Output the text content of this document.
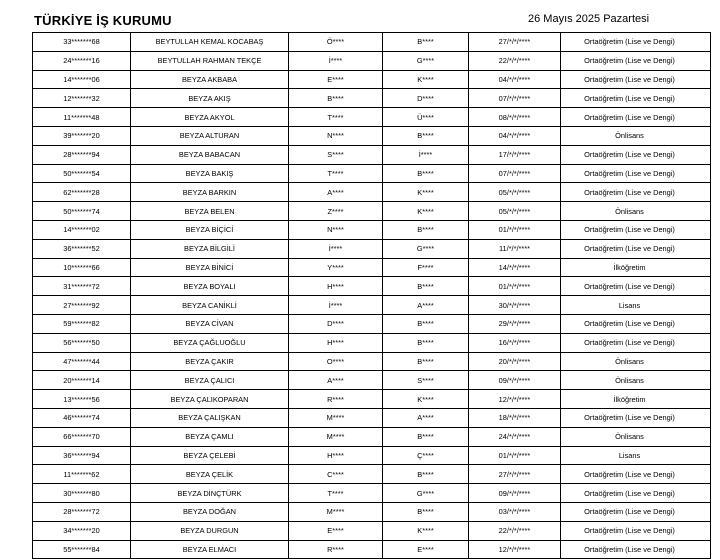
TÜRKİYE İŞ KURUMU	26 Mayıs 2025 Pazartesi
33*******68	BEYTULLAH KEMAL KOCABAŞ	Ö****	B****	27/*/*/****	Ortaöğretim (Lise ve Dengi)
24*******16	BEYTULLAH RAHMAN TEKÇE	İ****	G****	22/*/*/****	Ortaöğretim (Lise ve Dengi)
14*******06	BEYZA AKBABA	E****	K****	04/*/*/****	Ortaöğretim (Lise ve Dengi)
12*******32	BEYZA AKIŞ	B****	D****	07/*/*/****	Ortaöğretim (Lise ve Dengi)
11*******48	BEYZA AKYOL	T****	Ü****	08/*/*/****	Ortaöğretim (Lise ve Dengi)
39*******20	BEYZA ALTURAN	N****	B****	04/*/*/****	Önlisans
28*******94	BEYZA BABACAN	S****	İ****	17/*/*/****	Ortaöğretim (Lise ve Dengi)
50*******54	BEYZA BAKIŞ	T****	B****	07/*/*/****	Ortaöğretim (Lise ve Dengi)
62*******28	BEYZA BARKIN	A****	K****	05/*/*/****	Ortaöğretim (Lise ve Dengi)
50*******74	BEYZA BELEN	Z****	K****	05/*/*/****	Önlisans
14*******02	BEYZA BİÇİCİ	N****	B****	01/*/*/****	Ortaöğretim (Lise ve Dengi)
36*******52	BEYZA BİLGİLİ	İ****	G****	11/*/*/****	Ortaöğretim (Lise ve Dengi)
10*******66	BEYZA BİNİCİ	Y****	F****	14/*/*/****	İlköğretim
31*******72	BEYZA BOYALI	H****	B****	01/*/*/****	Ortaöğretim (Lise ve Dengi)
27*******92	BEYZA CANİKLİ	İ****	A****	30/*/*/****	Lisans
59*******82	BEYZA CİVAN	D****	B****	29/*/*/****	Ortaöğretim (Lise ve Dengi)
56*******50	BEYZA ÇAĞLUOĞLU	H****	B****	16/*/*/****	Ortaöğretim (Lise ve Dengi)
47*******44	BEYZA ÇAKIR	O****	B****	20/*/*/****	Önlisans
20*******14	BEYZA ÇALICI	A****	S****	09/*/*/****	Önlisans
13*******56	BEYZA ÇALIKOPARAN	R****	K****	12/*/*/****	İlköğretim
46*******74	BEYZA ÇALIŞKAN	M****	A****	18/*/*/****	Ortaöğretim (Lise ve Dengi)
66*******70	BEYZA ÇAMLI	M****	B****	24/*/*/****	Önlisans
36*******94	BEYZA ÇELEBİ	H****	Ç****	01/*/*/****	Lisans
11*******62	BEYZA ÇELİK	C****	B****	27/*/*/****	Ortaöğretim (Lise ve Dengi)
30*******80	BEYZA DİNÇTÜRK	T****	G****	09/*/*/****	Ortaöğretim (Lise ve Dengi)
28*******72	BEYZA DOĞAN	M****	B****	03/*/*/****	Ortaöğretim (Lise ve Dengi)
34*******20	BEYZA DURGUN	E****	K****	22/*/*/****	Ortaöğretim (Lise ve Dengi)
55*******84	BEYZA ELMACI	R****	E****	12/*/*/****	Ortaöğretim (Lise ve Dengi)
